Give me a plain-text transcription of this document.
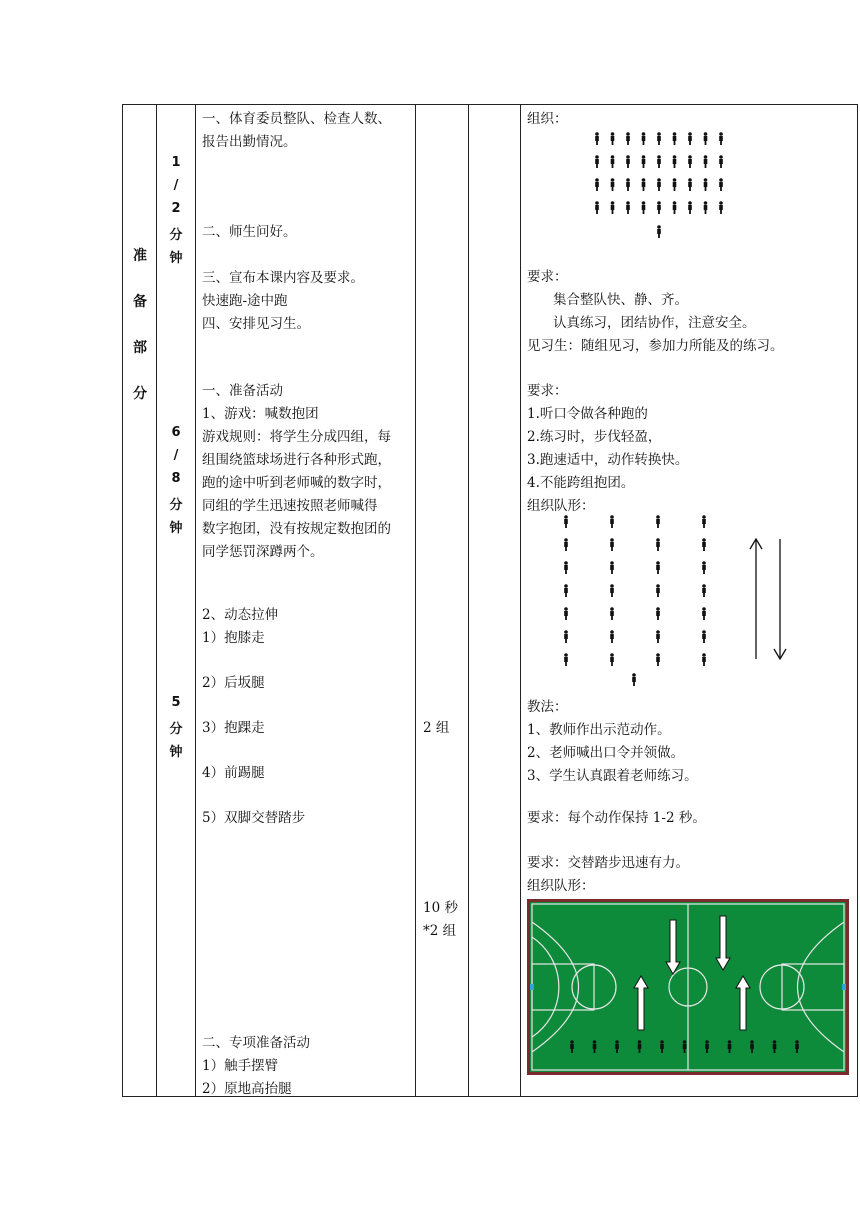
准
备
部
分
1
/
2
分
钟
6
/
8
分
钟
5
分
钟
一、体育委员整队、检查人数、
报告出勤情况。
二、师生问好。
三、宣布本课内容及要求。
快速跑-途中跑
四、安排见习生。
一、准备活动
1、游戏：喊数抱团
游戏规则：将学生分成四组，每
组围绕篮球场进行各种形式跑，
跑的途中听到老师喊的数字时，
同组的学生迅速按照老师喊得
数字抱团，没有按规定数抱团的
同学惩罚深蹲两个。
2、动态拉伸
1）抱膝走
2）后坂腿
3）抱踝走
4）前踢腿
5）双脚交替踏步
二、专项准备活动
1）触手摆臂
2）原地高抬腿
2 组
10 秒
*2 组
组织：
要求：
集合整队快、静、齐。
认真练习，团结协作，注意安全。
见习生：随组见习，参加力所能及的练习。
要求：
1.听口令做各种跑的
2.练习时，步伐轻盈，
3.跑速适中，动作转换快。
4.不能跨组抱团。
组织队形：
教法：
1、教师作出示范动作。
2、老师喊出口令并领做。
3、学生认真跟着老师练习。
要求：每个动作保持 1-2 秒。
要求：交替踏步迅速有力。
组织队形：
